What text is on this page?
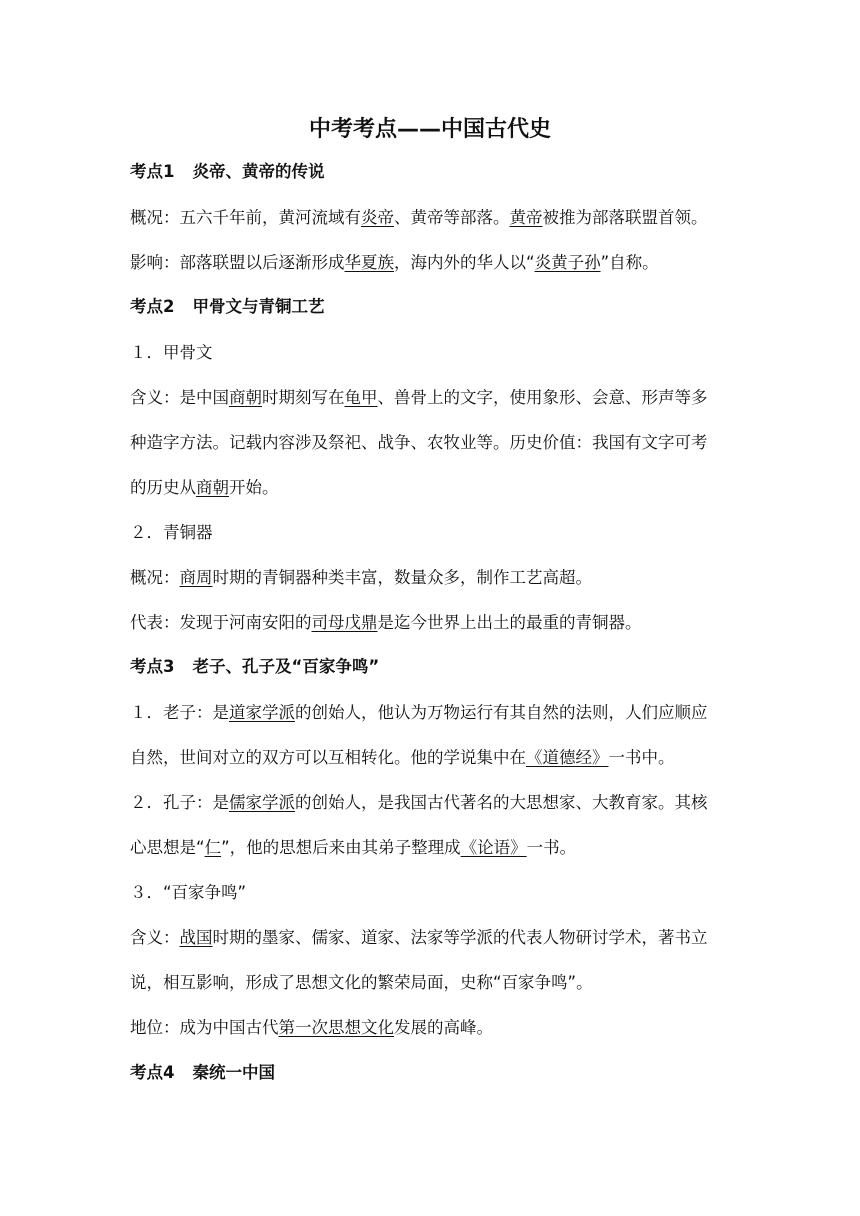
中考考点——中国古代史
考点1 炎帝、黄帝的传说
概况：五六千年前，黄河流域有炎帝、黄帝等部落。黄帝被推为部落联盟首领。
影响：部落联盟以后逐渐形成华夏族，海内外的华人以“炎黄子孙”自称。
考点2 甲骨文与青铜工艺
１．甲骨文
含义：是中国商朝时期刻写在龟甲、兽骨上的文字，使用象形、会意、形声等多
种造字方法。记载内容涉及祭祀、战争、农牧业等。历史价值：我国有文字可考
的历史从商朝开始。
２．青铜器
概况：商周时期的青铜器种类丰富，数量众多，制作工艺高超。
代表：发现于河南安阳的司母戊鼎是迄今世界上出土的最重的青铜器。
考点3 老子、孔子及“百家争鸣”
１．老子：是道家学派的创始人，他认为万物运行有其自然的法则，人们应顺应
自然，世间对立的双方可以互相转化。他的学说集中在《道德经》一书中。
２．孔子：是儒家学派的创始人，是我国古代著名的大思想家、大教育家。其核
心思想是“仁”，他的思想后来由其弟子整理成《论语》一书。
３．“百家争鸣”
含义：战国时期的墨家、儒家、道家、法家等学派的代表人物研讨学术，著书立
说，相互影响，形成了思想文化的繁荣局面，史称“百家争鸣”。
地位：成为中国古代第一次思想文化发展的高峰。
考点4 秦统一中国
